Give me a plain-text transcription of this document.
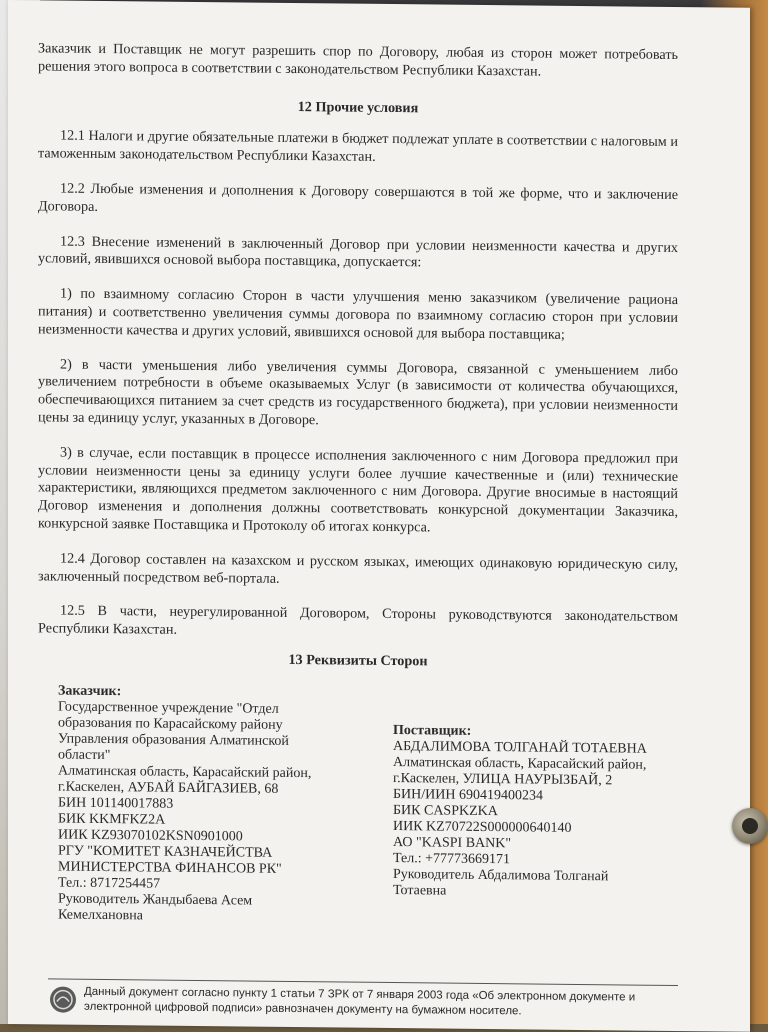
Заказчик и Поставщик не могут разрешить спор по Договору, любая из сторон может потребовать решения этого вопроса в соответствии с законодательством Республики Казахстан.

12 Прочие условия

12.1 Налоги и другие обязательные платежи в бюджет подлежат уплате в соответствии с налоговым и таможенным законодательством Республики Казахстан.

12.2 Любые изменения и дополнения к Договору совершаются в той же форме, что и заключение Договора.

12.3 Внесение изменений в заключенный Договор при условии неизменности качества и других условий, явившихся основой выбора поставщика, допускается:

1) по взаимному согласию Сторон в части улучшения меню заказчиком (увеличение рациона питания) и соответственно увеличения суммы договора по взаимному согласию сторон при условии неизменности качества и других условий, явившихся основой для выбора поставщика;

2) в части уменьшения либо увеличения суммы Договора, связанной с уменьшением либо увеличением потребности в объеме оказываемых Услуг (в зависимости от количества обучающихся, обеспечивающихся питанием за счет средств из государственного бюджета), при условии неизменности цены за единицу услуг, указанных в Договоре.

3) в случае, если поставщик в процессе исполнения заключенного с ним Договора предложил при условии неизменности цены за единицу услуги более лучшие качественные и (или) технические характеристики, являющихся предметом заключенного с ним Договора. Другие вносимые в настоящий Договор изменения и дополнения должны соответствовать конкурсной документации Заказчика, конкурсной заявке Поставщика и Протоколу об итогах конкурса.

12.4 Договор составлен на казахском и русском языках, имеющих одинаковую юридическую силу, заключенный посредством веб-портала.

12.5 В части, неурегулированной Договором, Стороны руководствуются законодательством Республики Казахстан.

13 Реквизиты Сторон

Заказчик:
Государственное учреждение "Отдел
образования по Карасайскому району
Управления образования Алматинской
области"
Алматинская область, Карасайский район,
г.Каскелен, АУБАЙ БАЙГАЗИЕВ, 68
БИН 101140017883
БИК KKMFKZ2A
ИИК KZ93070102KSN0901000
РГУ "КОМИТЕТ КАЗНАЧЕЙСТВА
МИНИСТЕРСТВА ФИНАНСОВ РК"
Тел.: 8717254457
Руководитель Жандыбаева Асем
Кемелхановна
Поставщик:
АБДАЛИМОВА ТОЛГАНАЙ ТОТАЕВНА
Алматинская область, Карасайский район,
г.Каскелен, УЛИЦА НАУРЫЗБАЙ, 2
БИН/ИИН 690419400234
БИК CASPKZKA
ИИК KZ70722S000000640140
АО "KASPI BANK"
Тел.: +77773669171
Руководитель Абдалимова Толганай
Тотаевна
Данный документ согласно пункту 1 статьи 7 ЗРК от 7 января 2003 года «Об электронном документе и электронной цифровой подписи» равнозначен документу на бумажном носителе.
